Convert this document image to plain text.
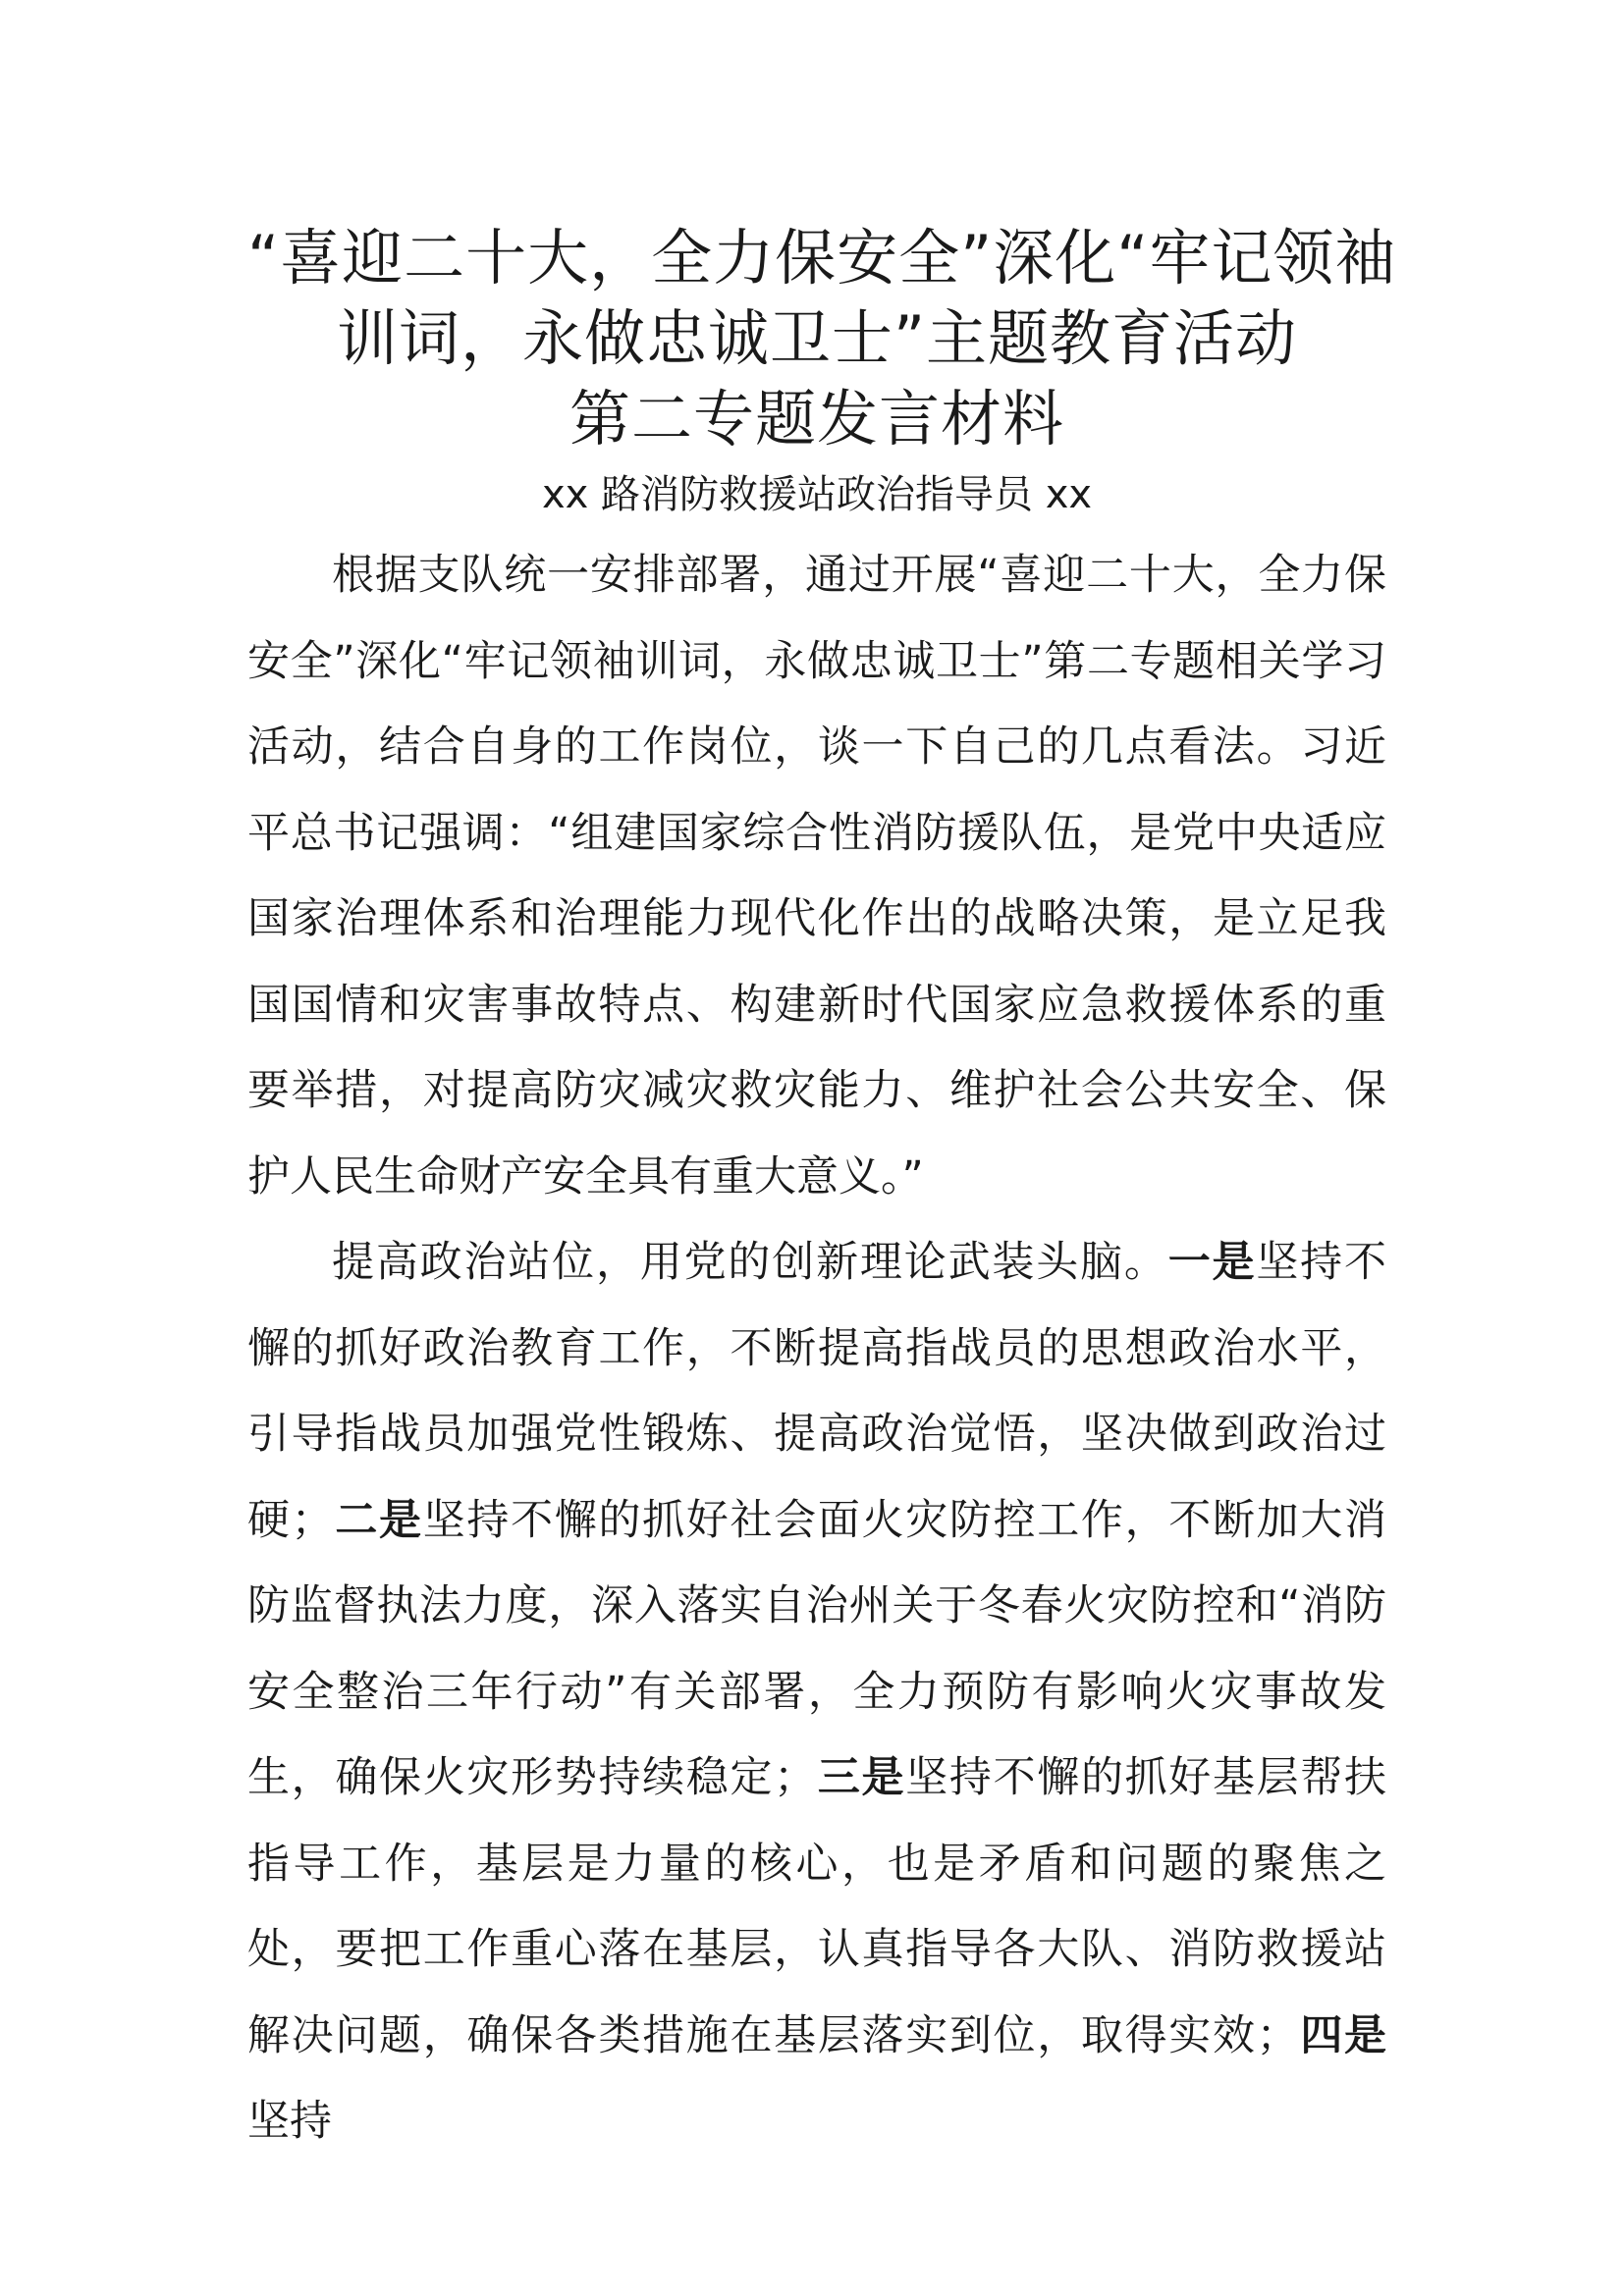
“喜迎二十大，全力保安全”深化“牢记领袖
训词，永做忠诚卫士”主题教育活动
第二专题发言材料
xx 路消防救援站政治指导员 xx

根据支队统一安排部署，通过开展“喜迎二十大，全力保安全”深化“牢记领袖训词，永做忠诚卫士”第二专题相关学习活动，结合自身的工作岗位，谈一下自己的几点看法。习近平总书记强调：“组建国家综合性消防援队伍，是党中央适应国家治理体系和治理能力现代化作出的战略决策，是立足我国国情和灾害事故特点、构建新时代国家应急救援体系的重要举措，对提高防灾减灾救灾能力、维护社会公共安全、保护人民生命财产安全具有重大意义。”

提高政治站位，用党的创新理论武装头脑。一是坚持不懈的抓好政治教育工作，不断提高指战员的思想政治水平，引导指战员加强党性锻炼、提高政治觉悟，坚决做到政治过硬；二是坚持不懈的抓好社会面火灾防控工作，不断加大消防监督执法力度，深入落实自治州关于冬春火灾防控和“消防安全整治三年行动”有关部署，全力预防有影响火灾事故发生，确保火灾形势持续稳定；三是坚持不懈的抓好基层帮扶指导工作，基层是力量的核心，也是矛盾和问题的聚焦之处，要把工作重心落在基层，认真指导各大队、消防救援站解决问题，确保各类措施在基层落实到位，取得实效；四是坚持
